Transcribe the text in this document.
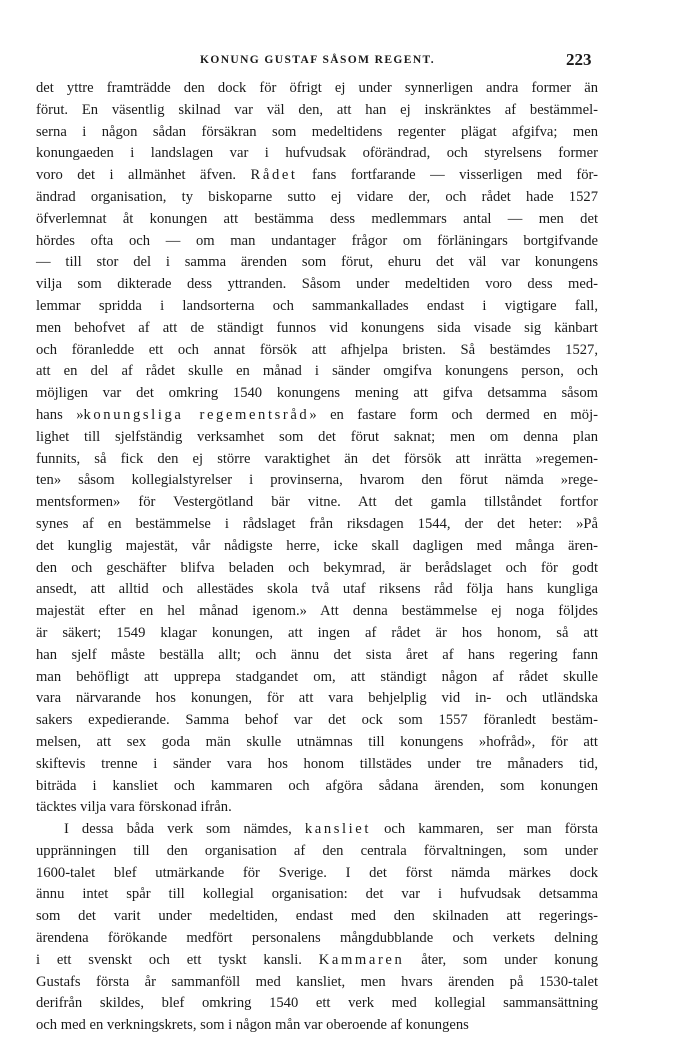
KONUNG GUSTAF SÅSOM REGENT.	223
det yttre framträdde den dock för öfrigt ej under synnerligen andra former än
förut. En väsentlig skilnad var väl den, att han ej inskränktes af bestämmel-
serna i någon sådan försäkran som medeltidens regenter plägat afgifva; men
konungaeden i landslagen var i hufvudsak oförändrad, och styrelsens former
voro det i allmänhet äfven. Rådet fans fortfarande — visserligen med för-
ändrad organisation, ty biskoparne sutto ej vidare der, och rådet hade 1527
öfverlemnat åt konungen att bestämma dess medlemmars antal — men det
hördes ofta och — om man undantager frågor om förläningars bortgifvande
— till stor del i samma ärenden som förut, ehuru det väl var konungens
vilja som dikterade dess yttranden. Såsom under medeltiden voro dess med-
lemmar spridda i landsorterna och sammankallades endast i vigtigare fall,
men behofvet af att de ständigt funnos vid konungens sida visade sig känbart
och föranledde ett och annat försök att afhjelpa bristen. Så bestämdes 1527,
att en del af rådet skulle en månad i sänder omgifva konungens person, och
möjligen var det omkring 1540 konungens mening att gifva detsamma såsom
hans »konungsliga regementsråd» en fastare form och dermed en möj-
lighet till sjelfständig verksamhet som det förut saknat; men om denna plan
funnits, så fick den ej större varaktighet än det försök att inrätta »regemen-
ten» såsom kollegialstyrelser i provinserna, hvarom den förut nämda »rege-
mentsformen» för Vestergötland bär vitne. Att det gamla tillståndet fortfor
synes af en bestämmelse i rådslaget från riksdagen 1544, der det heter: »På
det kunglig majestät, vår nådigste herre, icke skall dagligen med många ären-
den och geschäfter blifva beladen och bekymrad, är berådslaget och för godt
ansedt, att alltid och allestädes skola två utaf riksens råd följa hans kungliga
majestät efter en hel månad igenom.» Att denna bestämmelse ej noga följdes
är säkert; 1549 klagar konungen, att ingen af rådet är hos honom, så att
han sjelf måste beställa allt; och ännu det sista året af hans regering fann
man behöfligt att upprepa stadgandet om, att ständigt någon af rådet skulle
vara närvarande hos konungen, för att vara behjelplig vid in- och utländska
sakers expedierande. Samma behof var det ock som 1557 föranledt bestäm-
melsen, att sex goda män skulle utnämnas till konungens »hofråd», för att
skiftevis trenne i sänder vara hos honom tillstädes under tre månaders tid,
biträda i kansliet och kammaren och afgöra sådana ärenden, som konungen
täcktes vilja vara förskonad ifrån.
I dessa båda verk som nämdes, kansliet och kammaren, ser man första
uppränningen till den organisation af den centrala förvaltningen, som under
1600-talet blef utmärkande för Sverige. I det först nämda märkes dock
ännu intet spår till kollegial organisation: det var i hufvudsak detsamma
som det varit under medeltiden, endast med den skilnaden att regerings-
ärendena förökande medfört personalens mångdubblande och verkets delning
i ett svenskt och ett tyskt kansli. Kammaren åter, som under konung
Gustafs första år sammanföll med kansliet, men hvars ärenden på 1530-talet
derifrån skildes, blef omkring 1540 ett verk med kollegial sammansättning
och med en verkningskrets, som i någon mån var oberoende af konungens
